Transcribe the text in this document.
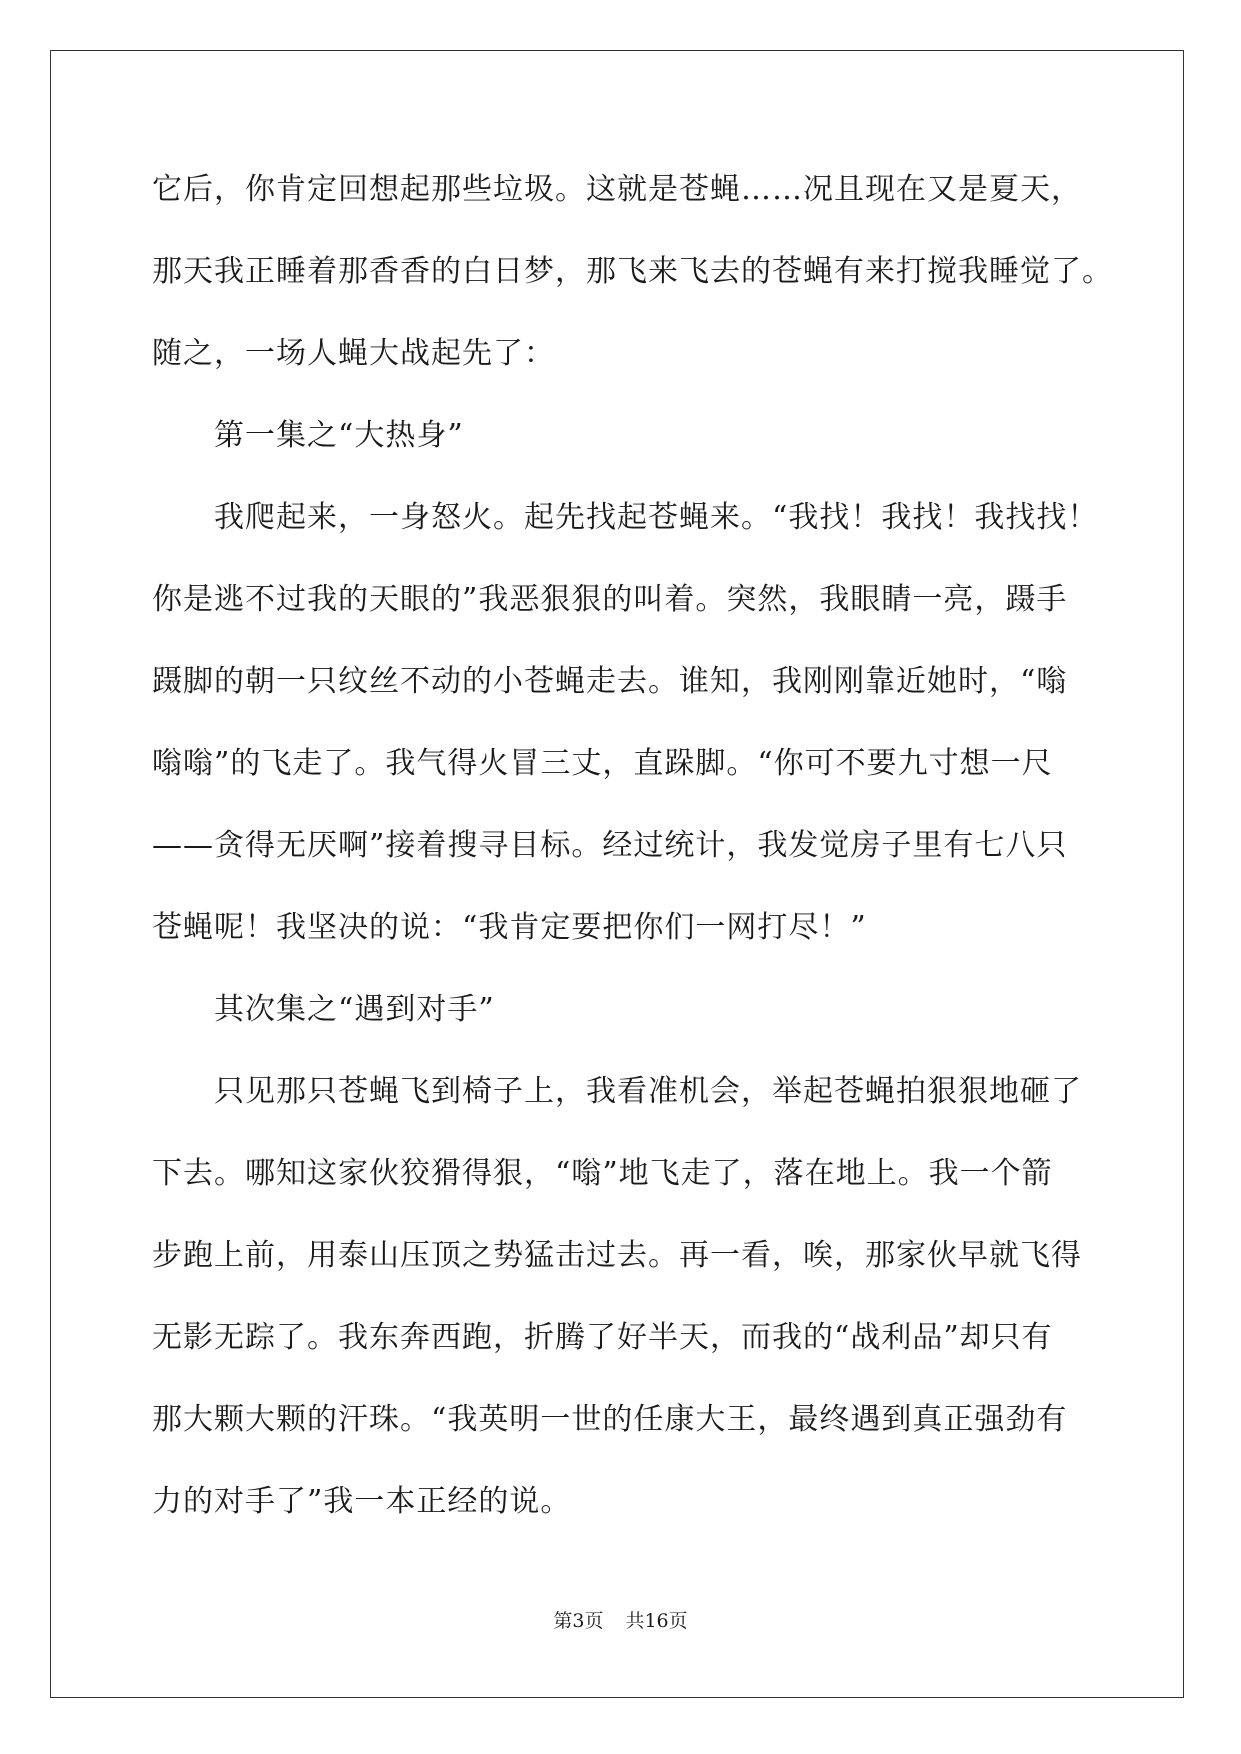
它后，你肯定回想起那些垃圾。这就是苍蝇……况且现在又是夏天，
那天我正睡着那香香的白日梦，那飞来飞去的苍蝇有来打搅我睡觉了。
随之，一场人蝇大战起先了：
第一集之“大热身”
我爬起来，一身怒火。起先找起苍蝇来。“我找！我找！我找找！
你是逃不过我的天眼的”我恶狠狠的叫着。突然，我眼睛一亮，蹑手
蹑脚的朝一只纹丝不动的小苍蝇走去。谁知，我刚刚靠近她时，“嗡
嗡嗡”的飞走了。我气得火冒三丈，直跺脚。“你可不要九寸想一尺
——贪得无厌啊”接着搜寻目标。经过统计，我发觉房子里有七八只
苍蝇呢！我坚决的说：“我肯定要把你们一网打尽！”
其次集之“遇到对手”
只见那只苍蝇飞到椅子上，我看准机会，举起苍蝇拍狠狠地砸了
下去。哪知这家伙狡猾得狠，“嗡”地飞走了，落在地上。我一个箭
步跑上前，用泰山压顶之势猛击过去。再一看，唉，那家伙早就飞得
无影无踪了。我东奔西跑，折腾了好半天，而我的“战利品”却只有
那大颗大颗的汗珠。“我英明一世的任康大王，最终遇到真正强劲有
力的对手了”我一本正经的说。
第3页 共16页
